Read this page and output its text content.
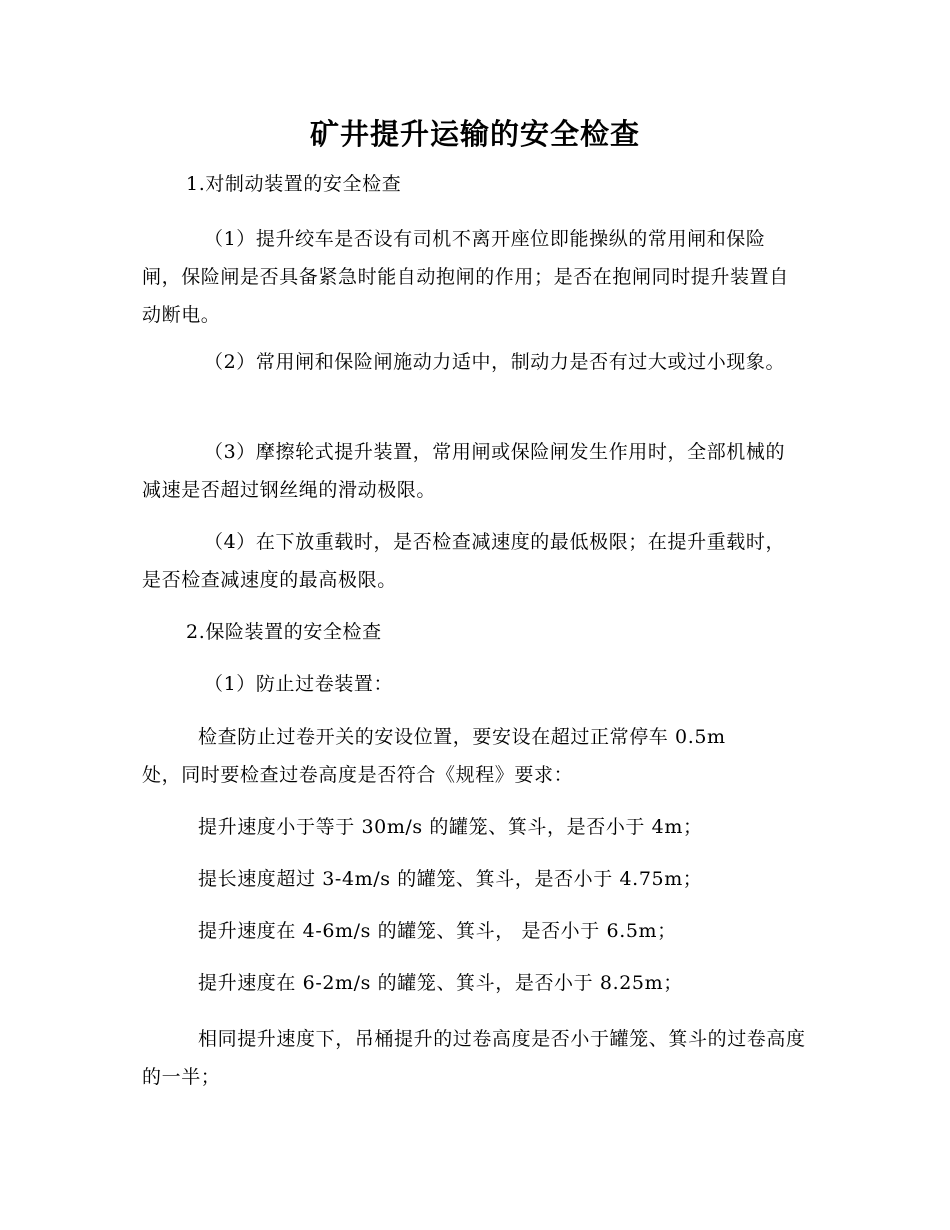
矿井提升运输的安全检查
1.对制动装置的安全检查
（1）提升绞车是否设有司机不离开座位即能操纵的常用闸和保险闸，保险闸是否具备紧急时能自动抱闸的作用；是否在抱闸同时提升装置自动断电。
（2）常用闸和保险闸施动力适中，制动力是否有过大或过小现象。
（3）摩擦轮式提升装置，常用闸或保险闸发生作用时，全部机械的减速是否超过钢丝绳的滑动极限。
（4）在下放重载时，是否检查减速度的最低极限；在提升重载时，是否检查减速度的最高极限。
2.保险装置的安全检查
（1）防止过卷装置：
检查防止过卷开关的安设位置，要安设在超过正常停车 0.5m
处，同时要检查过卷高度是否符合《规程》要求：
提升速度小于等于 30m/s 的罐笼、箕斗，是否小于 4m；
提长速度超过 3-4m/s 的罐笼、箕斗，是否小于 4.75m；
提升速度在 4-6m/s 的罐笼、箕斗， 是否小于 6.5m；
提升速度在 6-2m/s 的罐笼、箕斗，是否小于 8.25m；
相同提升速度下，吊桶提升的过卷高度是否小于罐笼、箕斗的过卷高度的一半；
